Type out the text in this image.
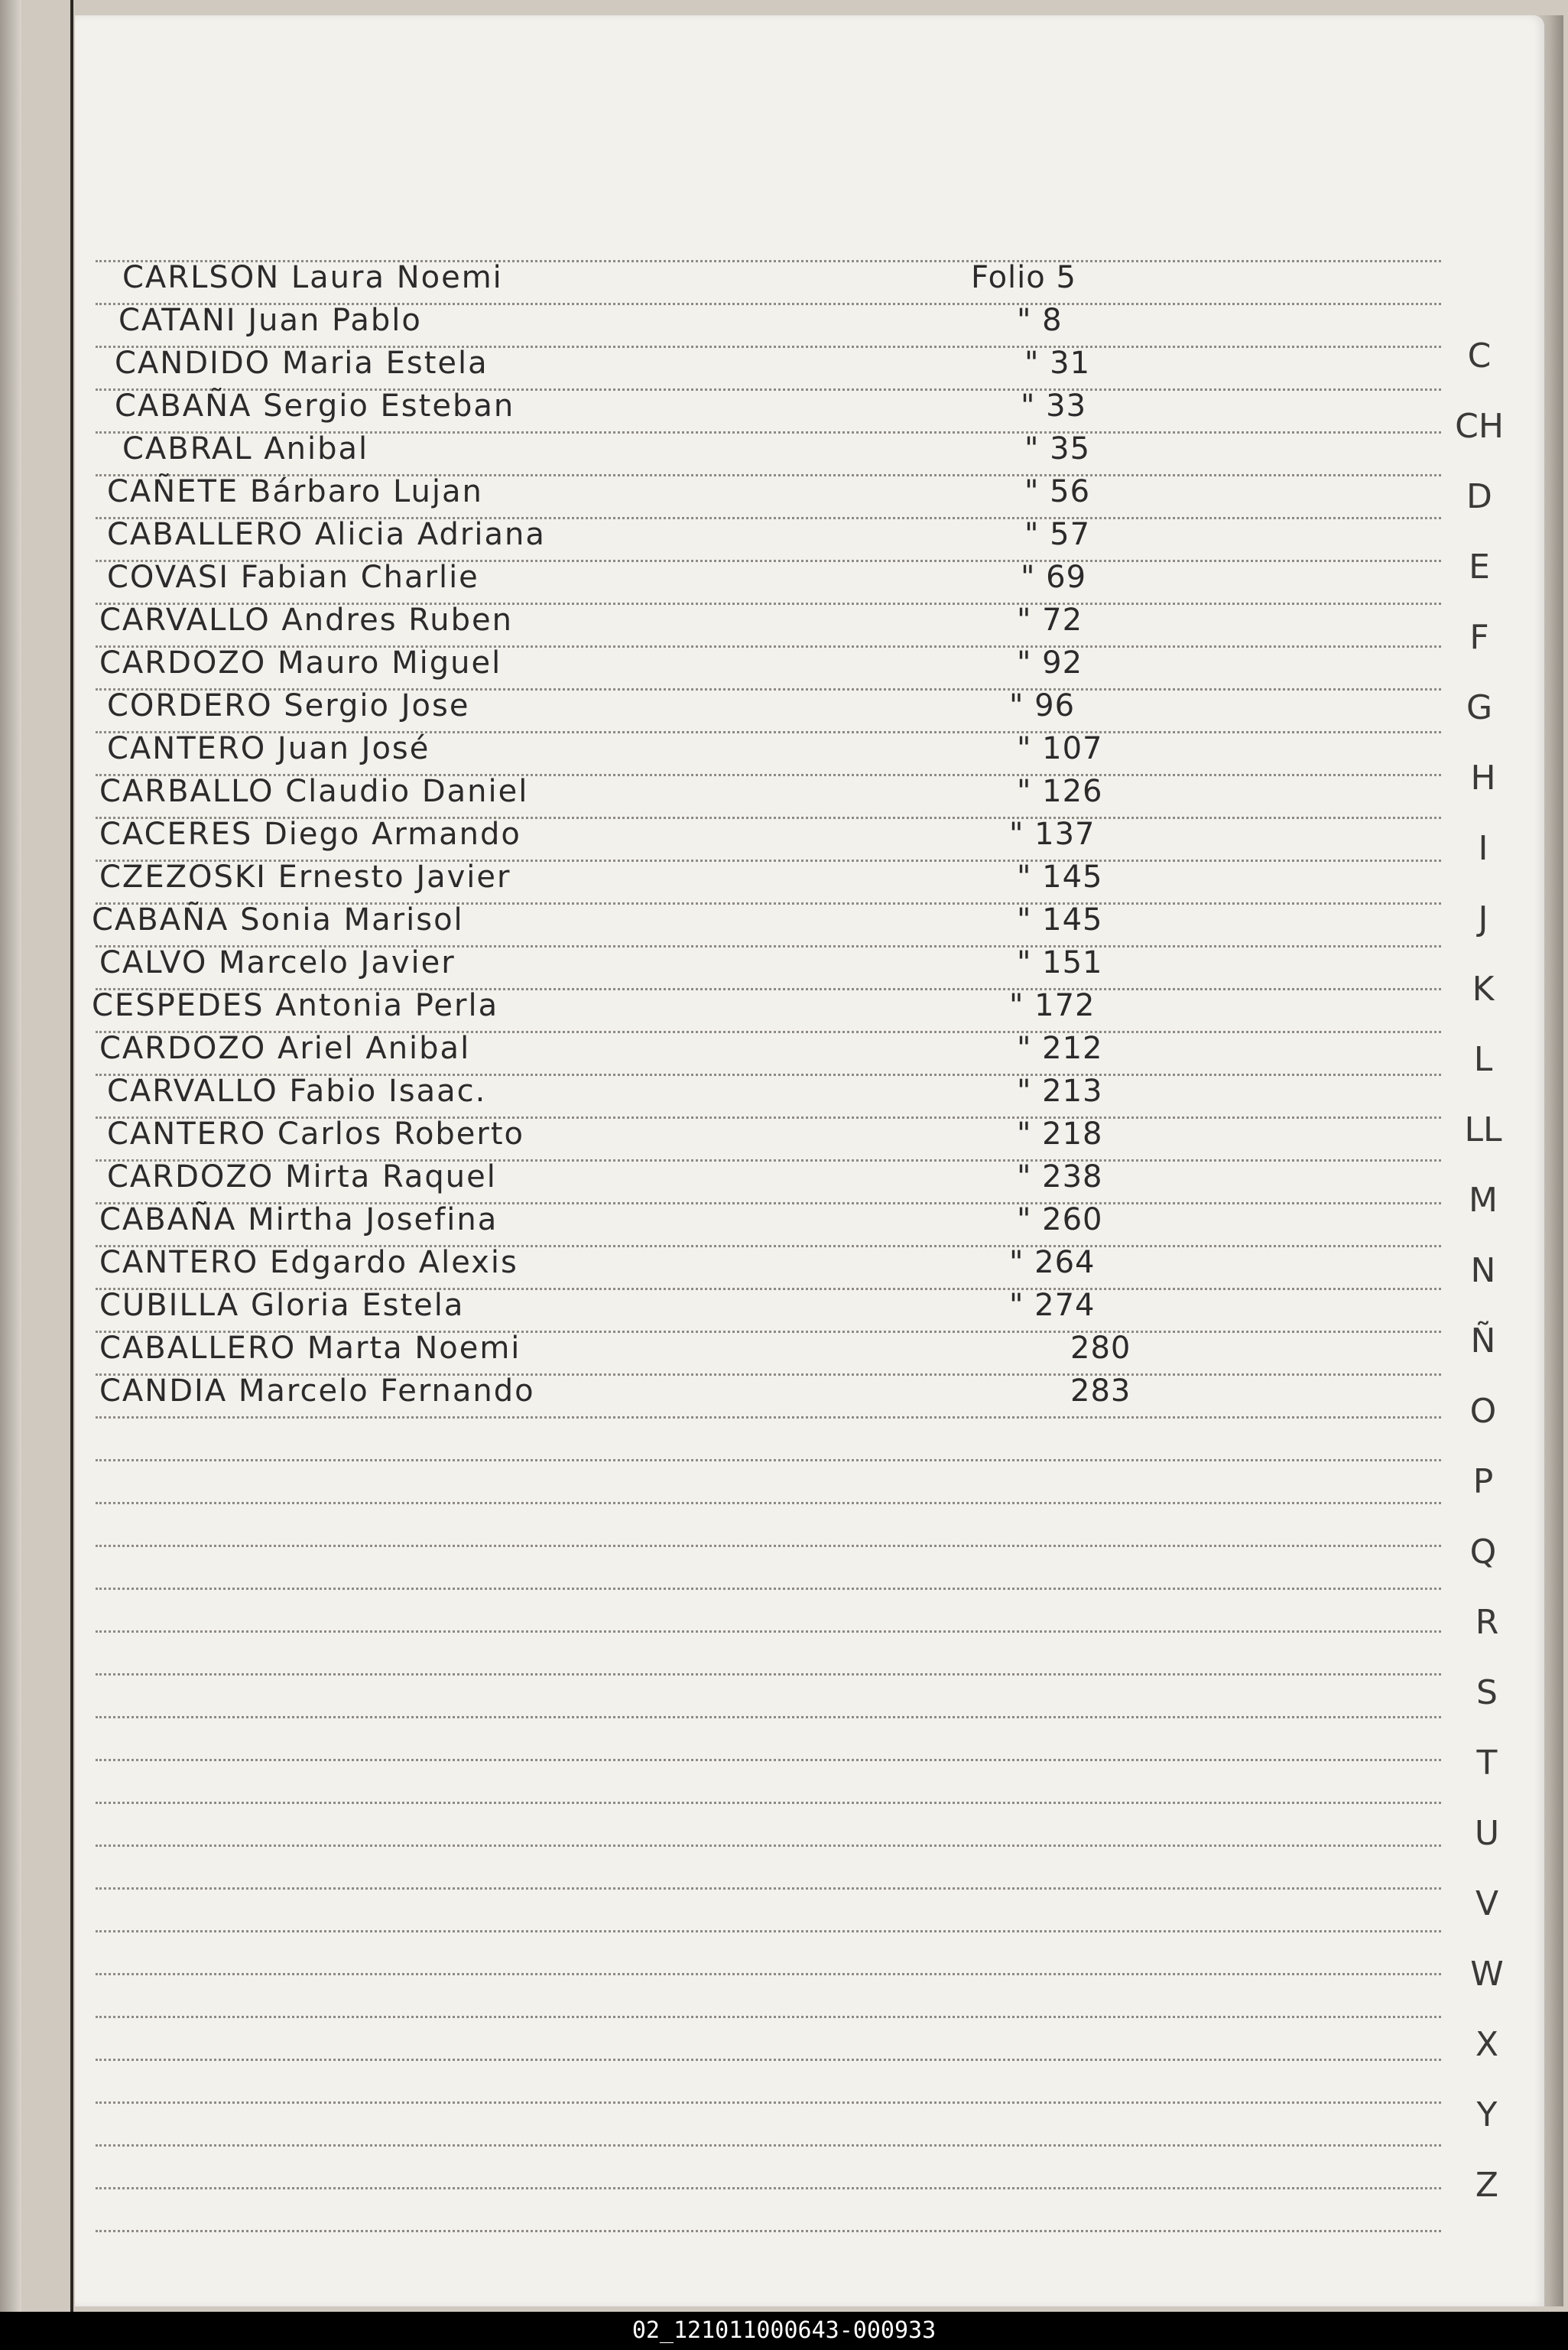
CARLSON Laura Noemi	Folio 5
CATANI Juan Pablo	" 8
CANDIDO Maria Estela	" 31
CABAÑA Sergio Esteban	" 33
CABRAL Anibal	" 35
CAÑETE Bárbaro Lujan	" 56
CABALLERO Alicia Adriana	" 57
COVASI Fabian Charlie	" 69
CARVALLO Andres Ruben	" 72
CARDOZO Mauro Miguel	" 92
CORDERO Sergio Jose	" 96
CANTERO Juan José	" 107
CARBALLO Claudio Daniel	" 126
CACERES Diego Armando	" 137
CZEZOSKI Ernesto Javier	" 145
CABAÑA Sonia Marisol	" 145
CALVO Marcelo Javier	" 151
CESPEDES Antonia Perla	" 172
CARDOZO Ariel Anibal	" 212
CARVALLO Fabio Isaac.	" 213
CANTERO Carlos Roberto	" 218
CARDOZO Mirta Raquel	" 238
CABAÑA Mirtha Josefina	" 260
CANTERO Edgardo Alexis	" 264
CUBILLA Gloria Estela	" 274
CABALLERO Marta Noemi	280
CANDIA Marcelo Fernando	283
C
CH
D
E
F
G
H
I
J
K
L
LL
M
N
Ñ
O
P
Q
R
S
T
U
V
W
X
Y
Z
02_121011000643-000933
